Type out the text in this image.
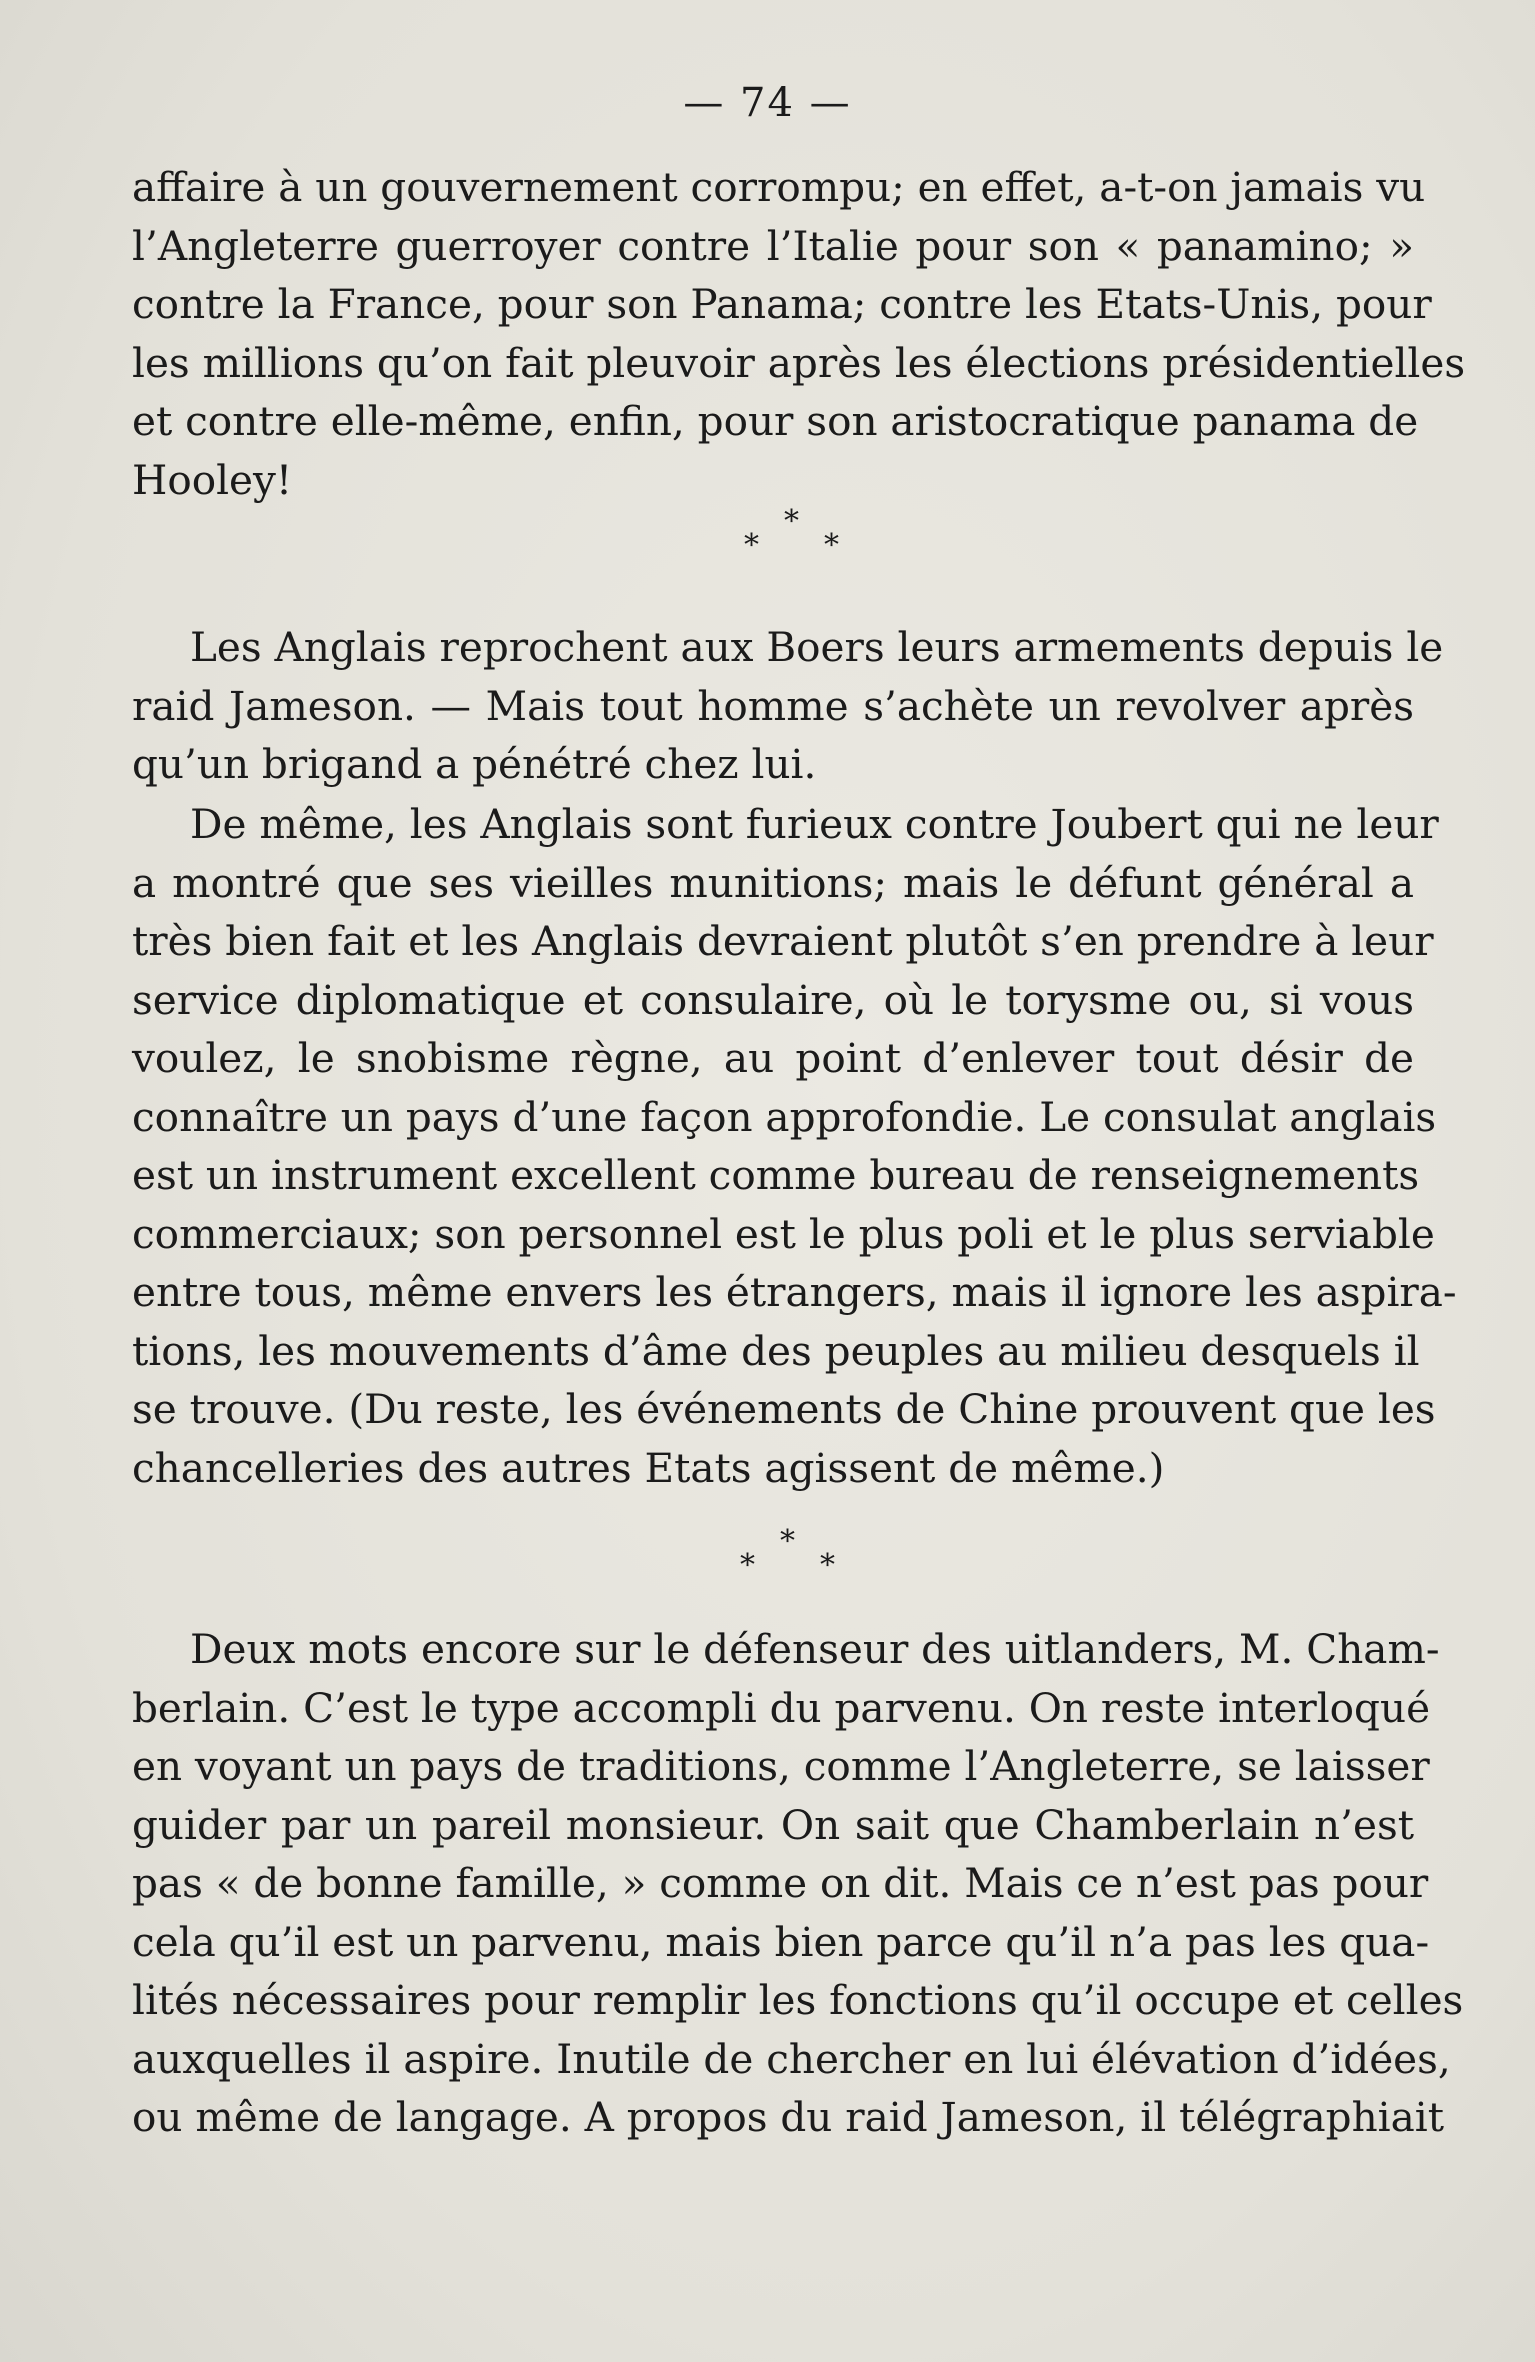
— 74 —
affaire à un gouvernement corrompu; en effet, a-t-on jamais vu
l’Angleterre guerroyer contre l’Italie pour son « panamino; »
contre la France, pour son Panama; contre les Etats-Unis, pour
les millions qu’on fait pleuvoir après les élections présidentielles
et contre elle-même, enfin, pour son aristocratique panama de
Hooley!
*
* *
Les Anglais reprochent aux Boers leurs armements depuis le
raid Jameson. — Mais tout homme s’achète un revolver après
qu’un brigand a pénétré chez lui.
De même, les Anglais sont furieux contre Joubert qui ne leur
a montré que ses vieilles munitions; mais le défunt général a
très bien fait et les Anglais devraient plutôt s’en prendre à leur
service diplomatique et consulaire, où le torysme ou, si vous
voulez, le snobisme règne, au point d’enlever tout désir de
connaître un pays d’une façon approfondie. Le consulat anglais
est un instrument excellent comme bureau de renseignements
commerciaux; son personnel est le plus poli et le plus serviable
entre tous, même envers les étrangers, mais il ignore les aspira-
tions, les mouvements d’âme des peuples au milieu desquels il
se trouve. (Du reste, les événements de Chine prouvent que les
chancelleries des autres Etats agissent de même.)
*
* *
Deux mots encore sur le défenseur des uitlanders, M. Cham-
berlain. C’est le type accompli du parvenu. On reste interloqué
en voyant un pays de traditions, comme l’Angleterre, se laisser
guider par un pareil monsieur. On sait que Chamberlain n’est
pas « de bonne famille, » comme on dit. Mais ce n’est pas pour
cela qu’il est un parvenu, mais bien parce qu’il n’a pas les qua-
lités nécessaires pour remplir les fonctions qu’il occupe et celles
auxquelles il aspire. Inutile de chercher en lui élévation d’idées,
ou même de langage. A propos du raid Jameson, il télégraphiait
